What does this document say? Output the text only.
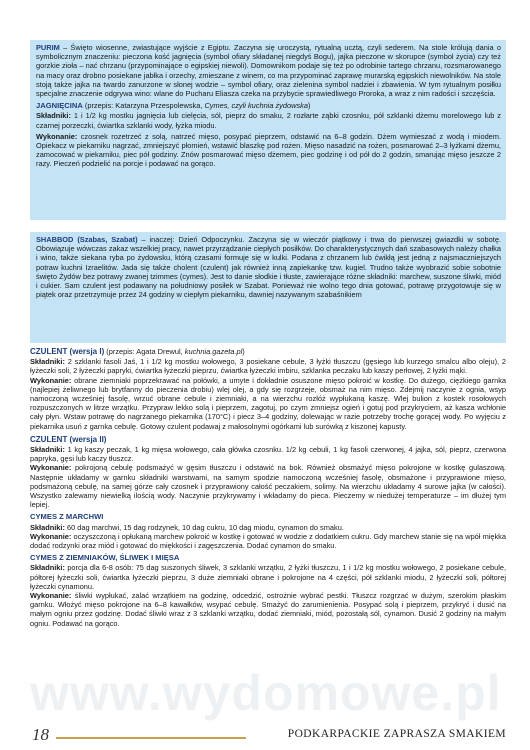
PURIM – Święto wiosenne, zwiastujące wyjście z Egiptu. Zaczyna się uroczystą, rytualną ucztą, czyli sederem. Na stole królują dania o symbolicznym znaczeniu: pieczona kość jagnięcia (symbol ofiary składanej niegdyś Bogu), jajka pieczone w skorupce (symbol życia) czy też gorzkie zioła – nać chrzanu (przypominające o egipskiej niewoli). Domownikom podaje się też po odrobinie tartego chrzanu, rozsmarowanego na macy oraz drobno posiekane jabłka i orzechy, zmieszane z winem, co ma przypominać zaprawę murarską egipskich niewolników. Na stole stoją także jajka na twardo zanurzone w słonej wodzie – symbol ofiary, oraz zielenina symbol nadziei i zbawienia. W tym rytualnym posiłku specjalne znaczenie odgrywa wino: wlane do Pucharu Eliasza czeka na przybycie sprawiedliwego Proroka, a wraz z nim radości i szczęścia.

JAGNIĘCINA (przepis: Katarzyna Przespolewska, Cymes, czyli kuchnia żydowska)

Składniki: 1 i 1/2 kg mostku jagnięcia lub cielęcia, sól, pieprz do smaku, 2 rozłarte ząbki czosnku, pół szklanki dżemu morelowego lub z czarnej porzeczki, ćwiartka szklanki wody, łyżka miodu.

Wykonanie: czosnek rozetrzeć z solą, natrzeć mięso, posypać pieprzem, odstawić na 6–8 godzin. Dżem wymieszać z wodą i miodem. Opiekacz w piekarniku nagrzać, zmniejszyć płomień, wstawić blaszkę pod rożen. Mięso nasadzić na rożen, posmarować 2–3 łyżkami dżemu, zamocować w piekarniku, piec pół godziny. Znów posmarować mięso dżemem, piec godzinę i od pół do 2 godzin, smarując mięso jeszcze 2 razy. Pieczeń podzielić na porcje i podawać na gorąco.

SHABBOD (Szabas, Szabat) – inaczej: Dzień Odpoczynku. Zaczyna się w wieczór piątkowy i trwa do pierwszej gwiazdki w sobotę. Obowiązuje wówczas zakaz wszelkiej pracy, nawet przyrządzanie ciepłych posiłków. Do charakterystycznych dań szabasowych należy chałka i wino, także siekana ryba po żydowsku, którą czasami formuje się w kulki. Podana z chrzanem lub ćwikłą jest jedną z najsmaczniejszych potraw kuchni Izraelitów. Jada się także cholent (czulent) jak również inną zapiekankę tzw. kugiel. Trudno także wyobrazić sobie sobotnie święto Żydów bez potrawy zwanej tzimmes (cymes). Jest to danie słodkie i tłuste, zawierające różne składniki: marchew, suszone śliwki, miód i cukier. Sam czulent jest podawany na południowy posiłek w Szabat. Ponieważ nie wolno tego dnia gotować, potrawę przygotowuje się w piątek oraz przetrzymuje przez 24 godziny w ciepłym piekarniku, dawniej nazywanym szabaśnikiem

CZULENT (wersja I) (przepis: Agata Drewul, kuchnia.gazeta.pl)

Składniki: 2 szklanki fasoli Jaś, 1 i 1/2 kg mostku wołowego, 3 posiekane cebule, 3 łyżki tłuszczu (gęsiego lub kurzego smalcu albo oleju), 2 łyżeczki soli, 2 łyżeczki papryki, ćwiartka łyżeczki pieprzu, ćwiartka łyżeczki imbiru, szklanka peczaku lub kaszy perłowej, 2 łyżki mąki.

Wykonanie: obrane ziemniaki poprzekrawać na połówki, a umyte i dokładnie osuszone mięso pokroić w kostkę. Do dużego, ciężkiego garnka (najlepiej żeliwnego lub brytfanny do pieczenia drobiu) wlej olej, a gdy się rozgrzeje, obsmaż na nim mięso. Zdejmij naczynie z ognia, wsyp namoczoną wcześniej fasolę, wrzuć obrane cebule i ziemniaki, a na wierzchu rozłóż wypłukaną kaszę. Wlej bulion z kostek rosołowych rozpuszczonych w litrze wrzątku. Przypraw lekko solą i pieprzem, zagotuj, po czym zmniejsz ogień i gotuj pod przykryciem, aż kasza wchłonie cały płyn. Wstaw potrawę do nagrzanego piekarnika (170°C) i piecz 3–4 godziny, dolewając w razie potrzeby trochę gorącej wody. Po wyjęciu z piekarnika usuń z garnka cebulę. Gotowy czulent podawaj z małosolnymi ogórkami lub surówką z kiszonej kapusty.

CZULENT (wersja II)

Składniki: 1 kg kaszy peczak, 1 kg mięsa wołowego, cała główka czosnku. 1/2 kg cebuli, 1 kg fasoli czerwonej, 4 jajka, sól, pieprz, czerwona papryka, gęsi lub kaczy tłuszcz.

Wykonanie: pokrojoną cebulę podsmażyć w gęsim tłuszczu i odstawić na bok. Również obsmażyć mięso pokrojone w kostkę gulaszową. Następnie układamy w garnku składniki warstwami, na samym spodzie namoczoną wcześniej fasolę, obsmażone i przyprawione mięso, podsmażoną cebulę, na samej górze cały czosnek i przyprawiony całość peczakiem, solimy. Na wierzchu układamy 4 surowe jajka (w całości). Wszystko zalewamy niewielką ilością wody. Naczynie przykrywamy i wkładamy do pieca. Pieczemy w niedużej temperaturze – im dłużej tym lepiej.

CYMES Z MARCHWI

Składniki: 60 dag marchwi, 15 dag rodzynek, 10 dag cukru, 10 dag miodu, cynamon do smaku.

Wykonanie: oczyszczoną i opłukaną marchew pokroić w kostkę i gotować w wodzie z dodatkiem cukru. Gdy marchew stanie się na wpół miękka dodać rodzynki oraz miód i gotować do miękkości i zagęszczenia. Dodać cynamon do smaku.

CYMES Z ZIEMNIAKÓW, ŚLIWEK I MIĘSA

Składniki: porcja dla 6-8 osób: 75 dag suszonych śliwek, 3 szklanki wrzątku, 2 łyżki tłuszczu, 1 i 1/2 kg mostku wołowego, 2 posiekane cebule, półtorej łyżeczki soli, ćwiartka łyżeczki pieprzu, 3 duże ziemniaki obrane i pokrojone na 4 części, pół szklanki miodu, 2 łyżeczki soli, półtorej łyżeczki cynamonu.

Wykonanie: śliwki wypłukać, zalać wrzątkiem na godzinę, odcedzić, ostrożnie wybrać pestki. Tłuszcz rozgrzać w dużym, szerokim płaskim garnku. Włożyć mięso pokrojone na 6–8 kawałków, wsypać cebulę. Smażyć do zarumienienia. Posypać solą i pieprzem, przykryć i dusić na małym ogniu przez godzinę. Dodać śliwki wraz z 3 szklanki wrzątku, dodać ziemniaki, miód, pozostałą sól, cynamon. Dusić 2 godziny na małym ogniu. Podawać na gorąco.

www.wydomowe.pl
18	PODKARPACKIE ZAPRASZA SMAKIEM
